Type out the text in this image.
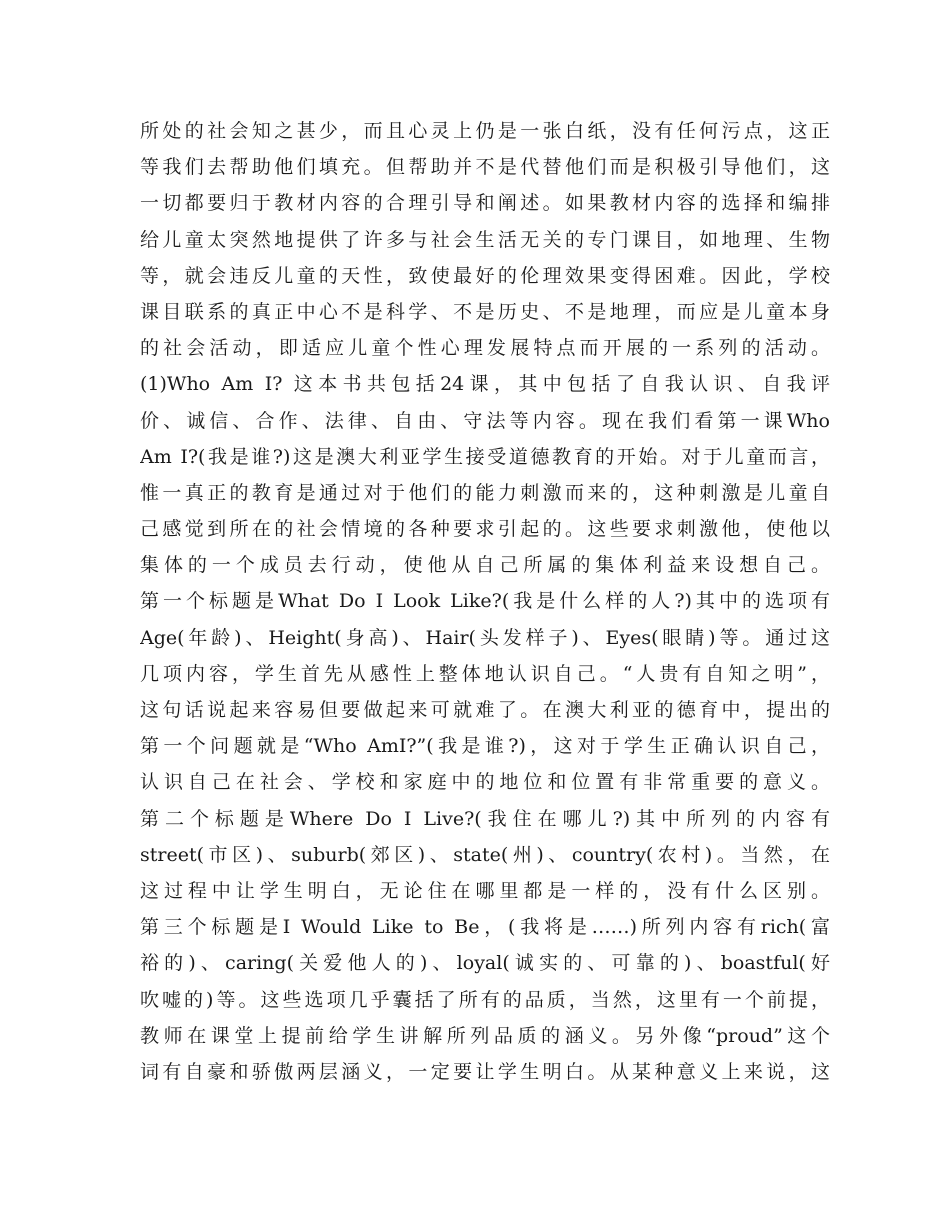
所处的社会知之甚少，而且心灵上仍是一张白纸，没有任何污点，这正
等我们去帮助他们填充。但帮助并不是代替他们而是积极引导他们，这
一切都要归于教材内容的合理引导和阐述。如果教材内容的选择和编排
给儿童太突然地提供了许多与社会生活无关的专门课目，如地理、生物
等，就会违反儿童的天性，致使最好的伦理效果变得困难。因此，学校
课目联系的真正中心不是科学、不是历史、不是地理，而应是儿童本身
的社会活动，即适应儿童个性心理发展特点而开展的一系列的活动。
(1)Who Am I? 这本书共包括24课，其中包括了自我认识、自我评
价、诚信、合作、法律、自由、守法等内容。现在我们看第一课Who
Am I?(我是谁?)这是澳大利亚学生接受道德教育的开始。对于儿童而言，
惟一真正的教育是通过对于他们的能力刺激而来的，这种刺激是儿童自
己感觉到所在的社会情境的各种要求引起的。这些要求刺激他，使他以
集体的一个成员去行动，使他从自己所属的集体利益来设想自己。
第一个标题是What Do I Look Like?(我是什么样的人?)其中的选项有
Age(年龄)、Height(身高)、Hair(头发样子)、Eyes(眼睛)等。通过这
几项内容，学生首先从感性上整体地认识自己。“人贵有自知之明”，
这句话说起来容易但要做起来可就难了。在澳大利亚的德育中，提出的
第一个问题就是“Who AmI?”(我是谁?)，这对于学生正确认识自己，
认识自己在社会、学校和家庭中的地位和位置有非常重要的意义。
第二个标题是Where Do I Live?(我住在哪儿?)其中所列的内容有
street(市区)、suburb(郊区)、state(州)、country(农村)。当然，在
这过程中让学生明白，无论住在哪里都是一样的，没有什么区别。
第三个标题是I Would Like to Be，(我将是……)所列内容有rich(富
裕的)、caring(关爱他人的)、loyal(诚实的、可靠的)、boastful(好
吹嘘的)等。这些选项几乎囊括了所有的品质，当然，这里有一个前提，
教师在课堂上提前给学生讲解所列品质的涵义。另外像“proud”这个
词有自豪和骄傲两层涵义，一定要让学生明白。从某种意义上来说，这
